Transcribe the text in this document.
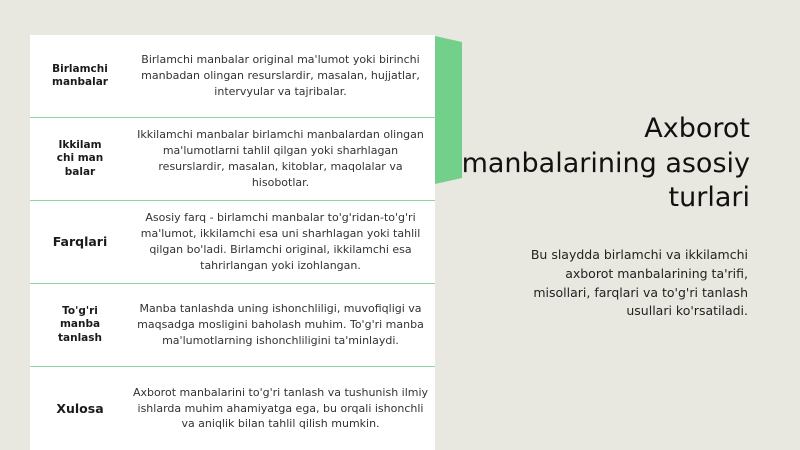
Birlamchi manbalar
Birlamchi manbalar original ma'lumot yoki birinchi manbadan olingan resurslardir, masalan, hujjatlar, intervyular va tajribalar.
Ikkilamchi manbalar
Ikkilamchi manbalar birlamchi manbalardan olingan ma'lumotlarni tahlil qilgan yoki sharhlagan resurslardir, masalan, kitoblar, maqolalar va hisobotlar.
Farqlari
Asosiy farq - birlamchi manbalar to'g'ridan-to'g'ri ma'lumot, ikkilamchi esa uni sharhlagan yoki tahlil qilgan bo'ladi. Birlamchi original, ikkilamchi esa tahrirlangan yoki izohlangan.
To'g'ri manba tanlash
Manba tanlashda uning ishonchliligi, muvofiqligi va maqsadga mosligini baholash muhim. To'g'ri manba ma'lumotlarning ishonchliligini ta'minlaydi.
Xulosa
Axborot manbalarini to'g'ri tanlash va tushunish ilmiy ishlarda muhim ahamiyatga ega, bu orqali ishonchli va aniqlik bilan tahlil qilish mumkin.
Axborot manbalarining asosiy turlari
Bu slaydda birlamchi va ikkilamchi axborot manbalarining ta'rifi, misollari, farqlari va to'g'ri tanlash usullari ko'rsatiladi.
